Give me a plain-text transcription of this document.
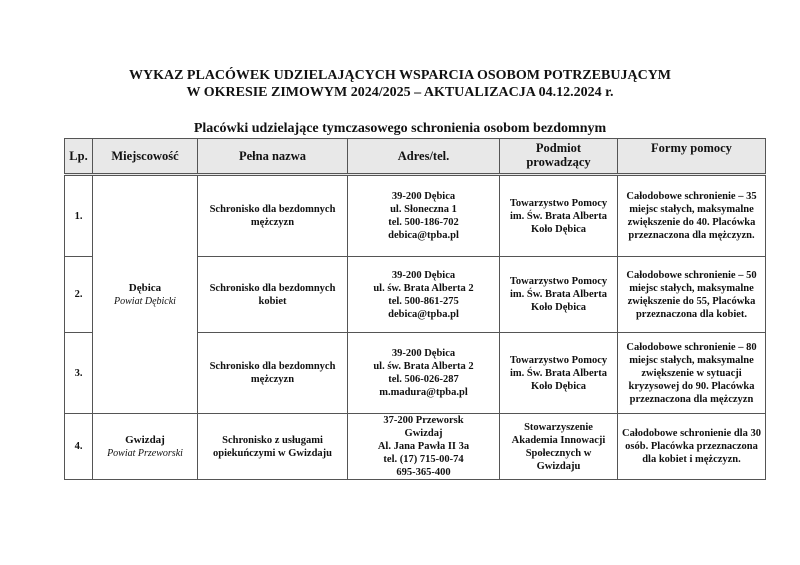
WYKAZ PLACÓWEK UDZIELAJĄCYCH WSPARCIA OSOBOM POTRZEBUJĄCYM
W OKRESIE ZIMOWYM 2024/2025 – AKTUALIZACJA 04.12.2024 r.
Placówki udzielające tymczasowego schronienia osobom bezdomnym
Lp.	Miejscowość	Pełna nazwa	Adres/tel.	Podmiot prowadzący	Formy pomocy
1.	Dębica
Powiat Dębicki	Schronisko dla bezdomnych mężczyzn	39-200 Dębica
ul. Słoneczna 1
tel. 500-186-702
debica@tpba.pl	Towarzystwo Pomocy im. Św. Brata Alberta Koło Dębica	Całodobowe schronienie – 35 miejsc stałych, maksymalne zwiększenie do 40. Placówka przeznaczona dla mężczyzn.
2.		Schronisko dla bezdomnych kobiet	39-200 Dębica
ul. św. Brata Alberta 2
tel. 500-861-275
debica@tpba.pl	Towarzystwo Pomocy im. Św. Brata Alberta Koło Dębica	Całodobowe schronienie – 50 miejsc stałych, maksymalne zwiększenie do 55, Placówka przeznaczona dla kobiet.
3.		Schronisko dla bezdomnych mężczyzn	39-200 Dębica
ul. św. Brata Alberta 2
tel. 506-026-287
m.madura@tpba.pl	Towarzystwo Pomocy im. Św. Brata Alberta Koło Dębica	Całodobowe schronienie – 80 miejsc stałych, maksymalne zwiększenie w sytuacji kryzysowej do 90. Placówka przeznaczona dla mężczyzn
4.	Gwizdaj
Powiat Przeworski	Schronisko z usługami opiekuńczymi w Gwizdaju	37-200 Przeworsk
Gwizdaj
Al. Jana Pawła II 3a
tel. (17) 715-00-74
695-365-400	Stowarzyszenie Akademia Innowacji Społecznych w Gwizdaju	Całodobowe schronienie dla 30 osób. Placówka przeznaczona dla kobiet i mężczyzn.
